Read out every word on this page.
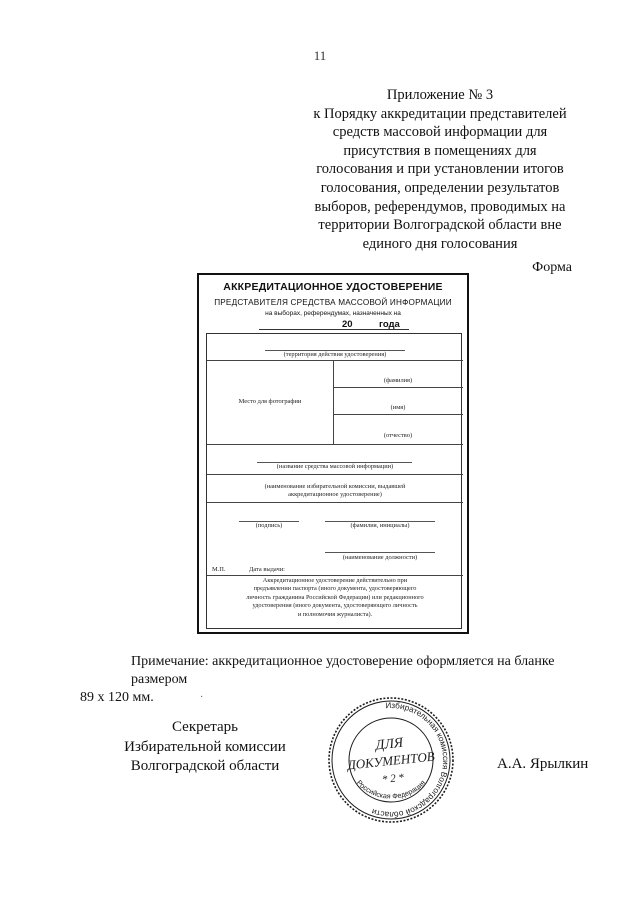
11
Приложение № 3
к Порядку аккредитации представителей
средств массовой информации для
присутствия в помещениях для
голосования и при установлении итогов
голосования, определении результатов
выборов, референдумов, проводимых на
территории Волгоградской области вне
единого дня голосования
Форма
АККРЕДИТАЦИОННОЕ УДОСТОВЕРЕНИЕ
ПРЕДСТАВИТЕЛЯ СРЕДСТВА МАССОВОЙ ИНФОРМАЦИИ
на выборах, референдумах, назначенных на
20	года
(территория действия удостоверения)
Место для фотографии
(фамилия)
(имя)
(отчество)
(название средства массовой информации)
(наименование избирательной комиссии, выдавшей
аккредитационное удостоверение)
(подпись)	(фамилия, инициалы)
(наименование должности)
М.П.	Дата выдачи:
Аккредитационное удостоверение действительно при
предъявлении паспорта (иного документа, удостоверяющего
личность гражданина Российской Федерации) или редакционного
удостоверения (иного документа, удостоверяющего личность
и полномочия журналиста).
Примечание: аккредитационное удостоверение оформляется на бланке размером
89 х 120 мм.	·
Секретарь
Избирательной комиссии
Волгоградской области	А.А. Ярылкин
Избирательная комиссия Волгоградской области
Российская Федерация
ДЛЯ
ДОКУМЕНТОВ
* 2 *
